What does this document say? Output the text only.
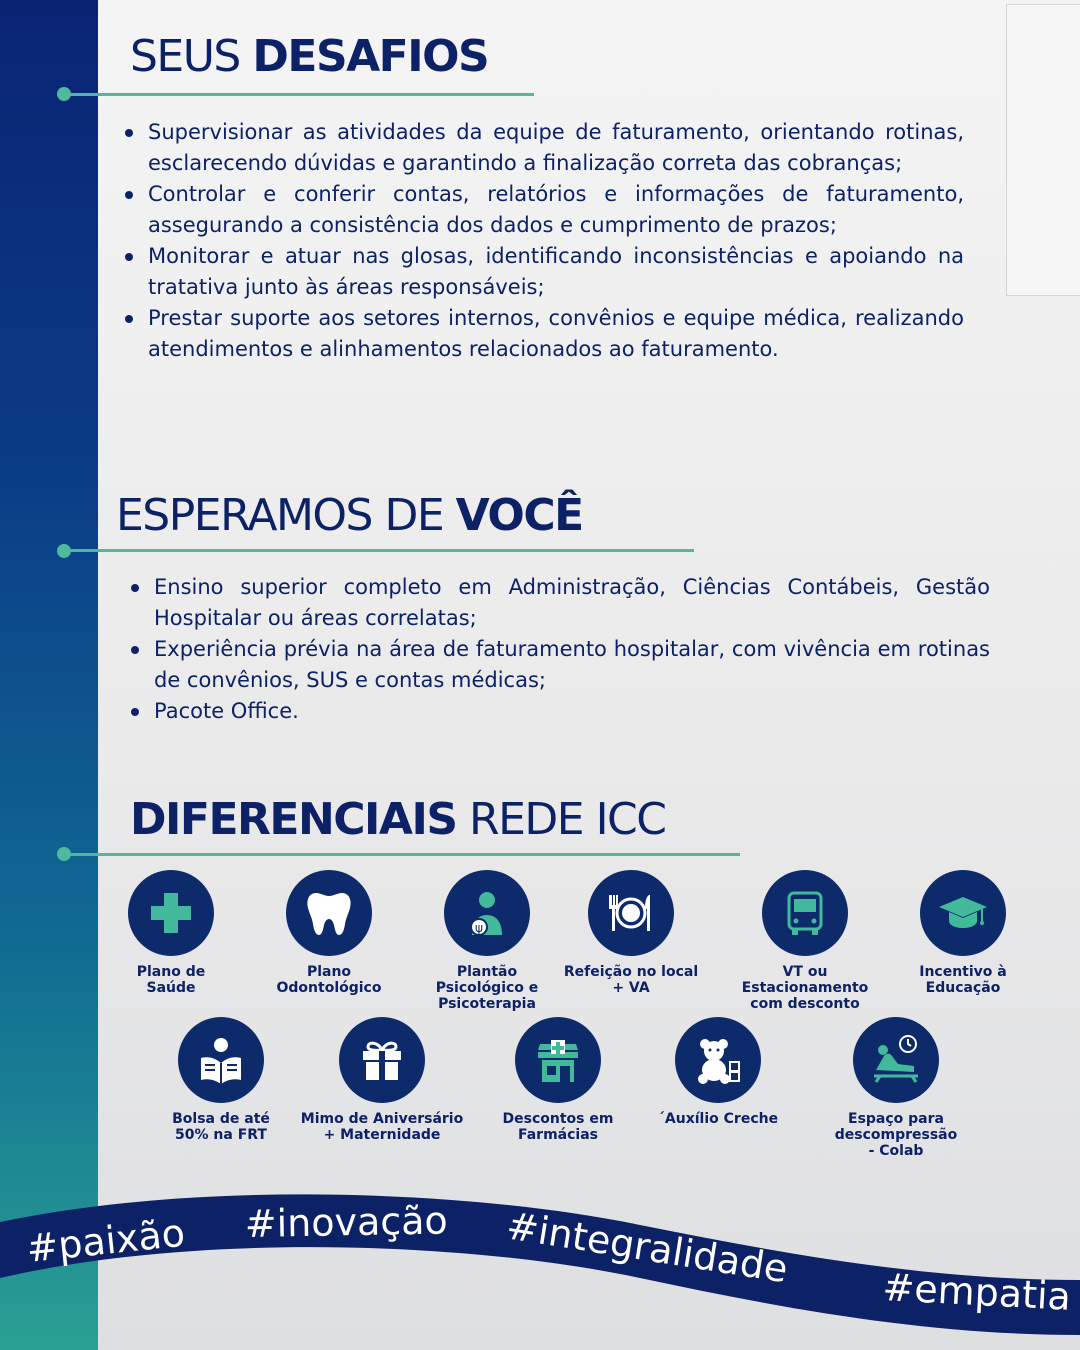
SEUS DESAFIOS
Supervisionar as atividades da equipe de faturamento, orientando rotinas, esclarecendo dúvidas e garantindo a finalização correta das cobranças;
Controlar e conferir contas, relatórios e informações de faturamento, assegurando a consistência dos dados e cumprimento de prazos;
Monitorar e atuar nas glosas, identificando inconsistências e apoiando na tratativa junto às áreas responsáveis;
Prestar suporte aos setores internos, convênios e equipe médica, realizando atendimentos e alinhamentos relacionados ao faturamento.
ESPERAMOS DE VOCÊ
Ensino superior completo em Administração, Ciências Contábeis, Gestão Hospitalar ou áreas correlatas;
Experiência prévia na área de faturamento hospitalar, com vivência em rotinas de convênios, SUS e contas médicas;
Pacote Office.
DIFERENCIAIS REDE ICC
Plano de
Saúde
Plano
Odontológico
ψ
Plantão
Psicológico e
Psicoterapia
Refeição no local
+ VA
VT ou
Estacionamento
com desconto
Incentivo à
Educação
Bolsa de até
50% na FRT
Mimo de Aniversário
+ Maternidade
Descontos em
Farmácias
´Auxílio Creche	Espaço para
descompressão
- Colab
#paixão #inovação #integralidade
#empatia
